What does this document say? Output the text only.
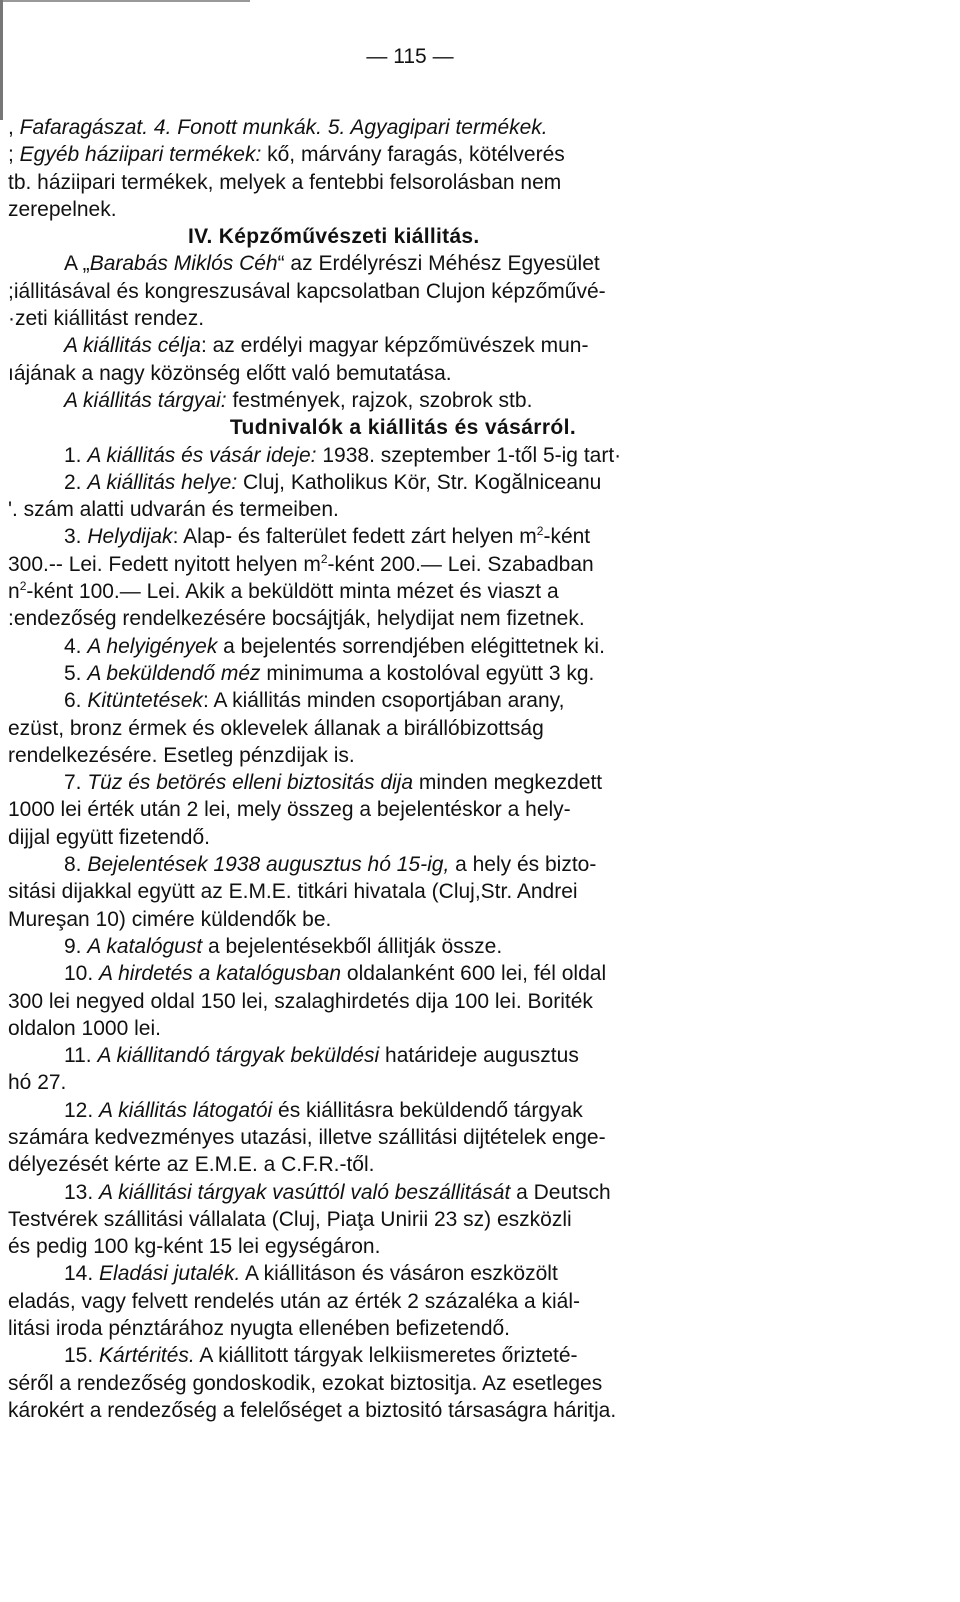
— 115 —
, Fafaragászat. 4. Fonott munkák. 5. Agyagipari termékek.
; Egyéb háziipari termékek: kő, márvány faragás, kötélverés
tb. háziipari termékek, melyek a fentebbi felsorolásban nem
zerepelnek.
IV. Képzőművészeti kiállitás.
A „Barabás Miklós Céh“ az Erdélyrészi Méhész Egyesület
;iállitásával és kongreszusával kapcsolatban Clujon képzőművé-
·zeti kiállitást rendez.
A kiállitás célja: az erdélyi magyar képzőmüvészek mun-
ıájának a nagy közönség előtt való bemutatása.
A kiállitás tárgyai: festmények, rajzok, szobrok stb.
Tudnivalók a kiállitás és vásárról.
1. A kiállitás és vásár ideje: 1938. szeptember 1-től 5-ig tart·
2. A kiállitás helye: Cluj, Katholikus Kör, Str. Kogălniceanu
'. szám alatti udvarán és termeiben.
3. Helydijak: Alap- és falterület fedett zárt helyen $m^2$-ként
300.-- Lei. Fedett nyitott helyen $m^2$-ként 200.— Lei. Szabadban
$n^2$-ként 100.— Lei. Akik a beküldött minta mézet és viaszt a
:endezőség rendelkezésére bocsájtják, helydijat nem fizetnek.
4. A helyigények a bejelentés sorrendjében elégittetnek ki.
5. A beküldendő méz minimuma a kostolóval együtt 3 kg.
6. Kitüntetések: A kiállitás minden csoportjában arany,
ezüst, bronz érmek és oklevelek állanak a birállóbizottság
rendelkezésére. Esetleg pénzdijak is.
7. Tüz és betörés elleni biztositás dija minden megkezdett
1000 lei érték után 2 lei, mely összeg a bejelentéskor a hely-
dijjal együtt fizetendő.
8. Bejelentések 1938 augusztus hó 15-ig, a hely és bizto-
sitási dijakkal együtt az E.M.E. titkári hivatala (Cluj,Str. Andrei
Mureşan 10) cimére küldendők be.
9. A katalógust a bejelentésekből állitják össze.
10. A hirdetés a katalógusban oldalanként 600 lei, fél oldal
300 lei negyed oldal 150 lei, szalaghirdetés dija 100 lei. Boriték
oldalon 1000 lei.
11. A kiállitandó tárgyak beküldési határideje augusztus
hó 27.
12. A kiállitás látogatói és kiállitásra beküldendő tárgyak
számára kedvezményes utazási, illetve szállitási dijtételek enge-
délyezését kérte az E.M.E. a C.F.R.-től.
13. A kiállitási tárgyak vasúttól való beszállitását a Deutsch
Testvérek szállitási vállalata (Cluj, Piaţa Unirii 23 sz) eszközli
és pedig 100 kg-ként 15 lei egységáron.
14. Eladási jutalék. A kiállitáson és vásáron eszközölt
eladás, vagy felvett rendelés után az érték 2 százaléka a kiál-
litási iroda pénztárához nyugta ellenében befizetendő.
15. Kártérités. A kiállitott tárgyak lelkiismeretes őrizteté-
séről a rendezőség gondoskodik, ezokat biztositja. Az esetleges
károkért a rendezőség a felelőséget a biztositó társaságra háritja.
